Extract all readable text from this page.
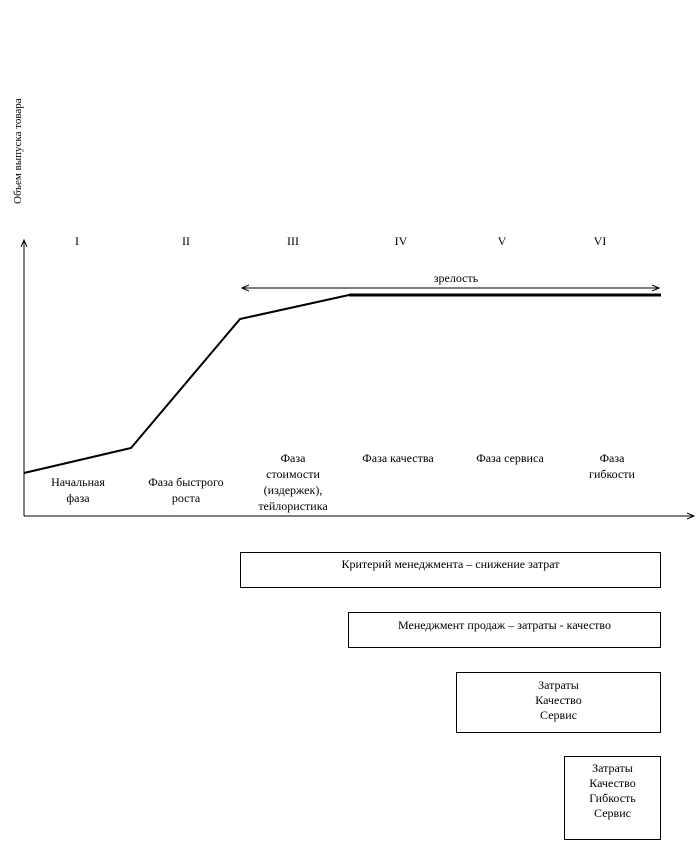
Объем выпуска товара
I	II	III	IV	V	VI
Начальная
фаза
Фаза быстрого
роста
Фаза
стоимости
(издержек),
тейлористика
Фаза качества	Фаза сервиса	Фаза
гибкости
зрелость
Критерий менеджмента – снижение затрат
Менеджмент продаж – затраты - качество
Затраты
Качество
Сервис
Затраты
Качество
Гибкость
Сервис
